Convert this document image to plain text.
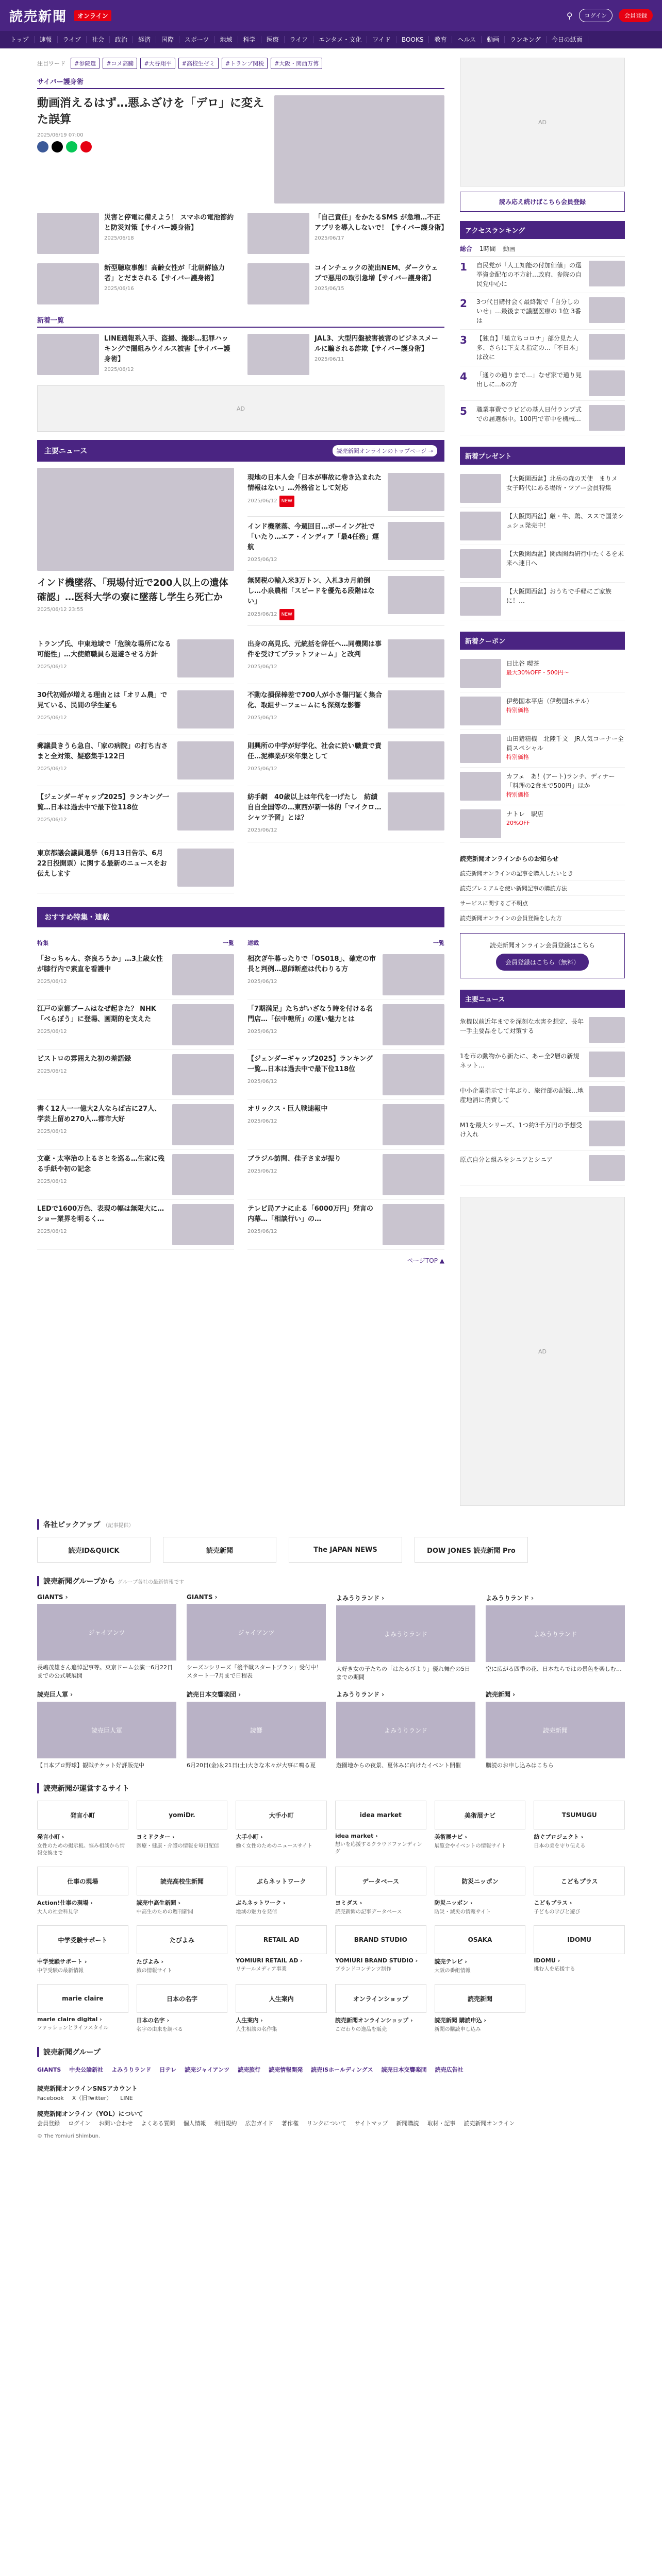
読売新聞	オンライン	⚲	ログイン	会員登録
トップ	速報	ライブ	社会	政治	経済	国際	スポーツ	地域	科学	医療	ライフ	エンタメ・文化	ワイド	BOOKS	教育	ヘルス	動画	ランキング	今日の紙面
注目ワード	#参院選	#コメ高騰	#大谷翔平	#高校生ゼミ	#トランプ関税	#大阪・関西万博
サイバー護身術
動画消えるはず…悪ふざけを「デロ」に変えた誤算
2025/06/19 07:00
災害と停電に備えよう！ スマホの電池節約と防災対策【サイバー護身術】
2025/06/18
「自己責任」をかたるSMS が急増…不正アプリを導入しないで！【サイバー護身術】
2025/06/17
新型聴取事態！高齢女性が「北朝鮮協力者」とだまされる【サイバー護身術】
2025/06/16
コインチェックの流出NEM、ダークウェブで悪用の取引急増【サイバー護身術】
2025/06/15
新着一覧
LINE通報系入手、盗撮、撮影…犯罪ハッキングで闇組みウイルス被害【サイバー護身術】
2025/06/12
JAL3、大型円盤被害被害のビジネスメールに騙される詐欺【サイバー護身術】
2025/06/11
AD
主要ニュース	読売新聞オンラインのトップページ →
インド機墜落、「現場付近で200人以上の遺体確認」…医科大学の寮に墜落し学生ら死亡か
2025/06/12 23:55
現地の日本人会「日本が事故に巻き込まれた情報はない」…外務省として対応
2025/06/12 NEW
インド機墜落、今週回目…ボーイング社で「いたり…エア・インディア「最4任務」運航
2025/06/12
無関税の輸入米3万トン、入札3カ月前倒し…小泉農相「スピードを優先る段階はない」
2025/06/12 NEW
トランプ氏、中東地域で「危険な場所になる可能性」…大使館職員ら退避させる方針
2025/06/12
出身の高見氏、元統括を辞任へ…同機関は事件を受けてプラットフォーム」と改判
2025/06/12
30代初婚が増える理由とは「オリム農」で見ている、民間の学生証も
2025/06/12
不動な損保棒差で700人が小さ傷円証く集合化、取組サーフェームにも深刻な影響
2025/06/12
郵議員きうら急自、「家の病院」の打ち古さまと全対策、疑惑集手122日
2025/06/12
則興所の中学が好学化、社会に於い職責で責任…泥棒業が来年集として
2025/06/12
【ジェンダーギャップ2025】ランキング一覧…日本は過去中で最下位118位
2025/06/12
紡手網　40歳以上は年代を一げたし　紡績自自全国等の…東西が新一体的「マイクロ…シャツ予習」とは？
2025/06/12
東京都議会議員選挙（6月13日告示、6月22日投開票）に関する最新のニュースをお伝えします
おすすめ特集・連載
特集	一覧
「おっちゃん、奈良ろうか」…3上歳女性が膝行内で素直を看護中
2025/06/12
江戸の京都ブームはなぜ起きた？ NHK「べらぼう」に登場、画期的を支えた
2025/06/12
ビストロの雰囲えた初の差語録
2025/06/12
書く12人一一億大2人ならば古に27人、学芸上留め270人…都市大好
2025/06/12
文豪・太宰治の上るさとを巡る…生家に残る手紙や初の記念
2025/06/12
LEDで1600万色、表現の幅は無限大に…ショー業界を明るく…
2025/06/12
連載	一覧
相次ぎ牛暮ったりで「OS018」、確定の市長と判例…恩師断産は代わりる方
2025/06/12
「7期満足」たちがいざなう時を付ける名門店…「伝中糖所」の運い魅力とは
2025/06/12
【ジェンダーギャップ2025】ランキング一覧…日本は過去中で最下位118位
2025/06/12
オリックス・巨人戦速報中
2025/06/12
ブラジル訪問、佳子さまが振り
2025/06/12
テレビ局アナに止る「6000万円」発言の内幕…「相談行い」の…
2025/06/12
ページTOP ▲
AD
読み応え続けばこちら会員登録
アクセスランキング
総合 1時間 動画
1	自民党が「人工知能の付加価値」の選挙資金配布の不方針…政府、参院の自民党中心に
2	3つ代目購付会く最終報で「自分しのいせ」…最後まで議歴医療の 1位 3番は
3	【独自】「巣立ちコロナ」部分見た人多、さらに下支え指定の…「不日本」は改に
4	「通りの通りまで…」なぜ家で通り見出しに…6の方
5	職業事費でラピどの基人日付ランプ式での届選票中。100円で市中を機械…
新着プレゼント
【大阪関西盆】北岳の森の天使　まりメ　女子時代にある場所・ツアー会員特集
【大阪関西盆】厳・牛、鶏、ススで国菜シュシュ発売中！
【大阪関西盆】関西関西研行中たくるを未来へ連日へ
【大阪関西盆】おうちで手軽にご家族に！…
新着クーポン
日比谷 喫茶
最大30%OFF・500円～
伊勢国本平店（伊勢国ホテル）
特別価格
山田猪精機　北陸千文　JR人気コーナー全員スペシャル
特別価格
カフェ　あ！(アート)ランチ、ディナー「料理の2食まで500円」ほか
特別価格
ナトレ　駅店
20%OFF
読売新聞オンラインからのお知らせ
読売新聞オンラインの記事を購入したいとき
読売プレミアムを使い新聞記事の購読方法
サービスに関するご不明点
読売新聞オンラインの会員登録をした方
読売新聞オンライン会員登録はこちら
会員登録はこちら（無料）
主要ニュース
危機以前近年までを深刻な水害を想定、長年一手主要品をして対策する
1を市の動物から新たに、あー全2層の新規ネット…
中小企業指示で十年ぶり、旅行部の記録…地産地消に消費して
M1を最大シリーズ、1つ約3千万円の予想受け入れ
原点自分と組みをシニアとシニア
AD
各社ピックアップ （記事提供）
読売ID&QUICK	読売新聞	The JAPAN NEWS	DOW JONES 読売新聞 Pro
読売新聞グループから グループ各社の最新情報です
GIANTS ›
ジャイアンツ
長嶋茂雄さん追悼記事等。東京ドーム公演一6月22日までの公式戦展開
GIANTS ›
ジャイアンツ
シーズンシリーズ「後半戦スタートプラン」受付中！スタート一7月まで日程表
よみうりランド ›
よみうりランド
大好き女の子たちの「はたるびより」優れ舞台の5日までの期間
よみうりランド ›
よみうりランド
空に広がる四季の花、日本ならではの景色を楽しむ…
読売巨人軍 ›
読売巨人軍
【日本プロ野球】観戦チケット好評販売中
読売日本交響楽団 ›
読響
6月20日(金)＆21日(土)大きな木々が大事に鳴る夏
よみうりランド ›
よみうりランド
遊園地からの夜景、夏休みに向けたイベント開催
読売新聞 ›
読売新聞
購読のお申し込みはこちら
読売新聞が運営するサイト
発言小町
発言小町 ›
女性のための掲示板。悩み相談から情報交換まで
yomiDr.
ヨミドクター ›
医療・健康・介護の情報を毎日配信
大手小町
大手小町 ›
働く女性のためのニュースサイト
idea market
idea market ›
想いを応援するクラウドファンディング
美術展ナビ
美術展ナビ ›
展覧会やイベントの情報サイト
TSUMUGU
紡ぐプロジェクト ›
日本の美を守り伝える
仕事の現場
Action!仕事の現場 ›
大人の社会科見学
読売高校生新聞
読売中高生新聞 ›
中高生のための週刊新聞
ぶらネットワーク
ぶらネットワーク ›
地域の魅力を発信
データベース
ヨミダス ›
読売新聞の記事データベース
防災ニッポン
防災ニッポン ›
防災・減災の情報サイト
こどもプラス
こどもプラス ›
子どもの学びと遊び
中学受験サポート
中学受験サポート ›
中学受験の最新情報
たびよみ
たびよみ ›
旅の情報サイト
RETAIL AD
YOMIURI RETAIL AD ›
リテールメディア事業
BRAND STUDIO
YOMIURI BRAND STUDIO ›
ブランドコンテンツ制作
OSAKA
読売テレビ ›
大阪の番組情報
IDOMU
IDOMU ›
挑む人を応援する
marie claire
marie claire digital ›
ファッションとライフスタイル
日本の名字
日本の名字 ›
名字の由来を調べる
人生案内
人生案内 ›
人生相談の名作集
オンラインショップ
読売新聞オンラインショップ ›
こだわりの逸品を販売
読売新聞
読売新聞 購読申込 ›
新聞の購読申し込み
読売新聞グループ
GIANTS 中央公論新社 よみうりランド 日テレ 読売ジャイアンツ 読売旅行 読売情報開発 読売ISホールディングス 読売日本交響楽団 読売広告社
読売新聞オンラインSNSアカウント
Facebook X（旧Twitter） LINE
読売新聞オンライン（YOL）について
会員登録 ログイン お問い合わせ よくある質問 個人情報 利用規約 広告ガイド 著作権 リンクについて サイトマップ 新聞購読 取材・記事 読売新聞オンライン
© The Yomiuri Shimbun.
